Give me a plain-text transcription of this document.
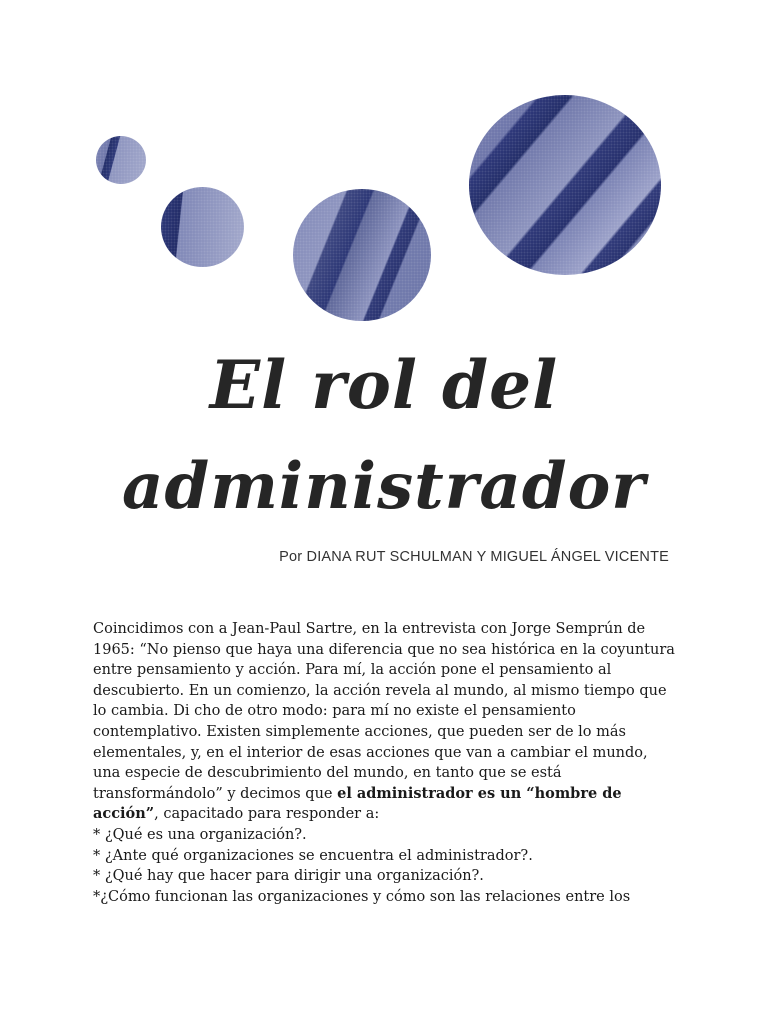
El rol del
administrador

Por DIANA RUT SCHULMAN Y MIGUEL ÁNGEL VICENTE

Coincidimos con a Jean-Paul Sartre, en la entrevista con Jorge Semprún de 1965: “No pienso que haya una diferencia que no sea histórica en la coyuntura entre pensamiento y acción. Para mí, la acción pone el pensamiento al descubierto. En un comienzo, la acción revela al mundo, al mismo tiempo que lo cambia. Di cho de otro modo: para mí no existe el pensamiento contemplativo. Existen simplemente acciones, que pueden ser de lo más elementales, y, en el interior de esas acciones que van a cambiar el mundo, una especie de descubrimiento del mundo, en tanto que se está transformándolo” y decimos que el administrador es un “hombre de acción”, capacitado para responder a:

* ¿Qué es una organización?.
* ¿Ante qué organizaciones se encuentra el administrador?.
* ¿Qué hay que hacer para dirigir una organización?.
*¿Cómo funcionan las organizaciones y cómo son las relaciones entre los
